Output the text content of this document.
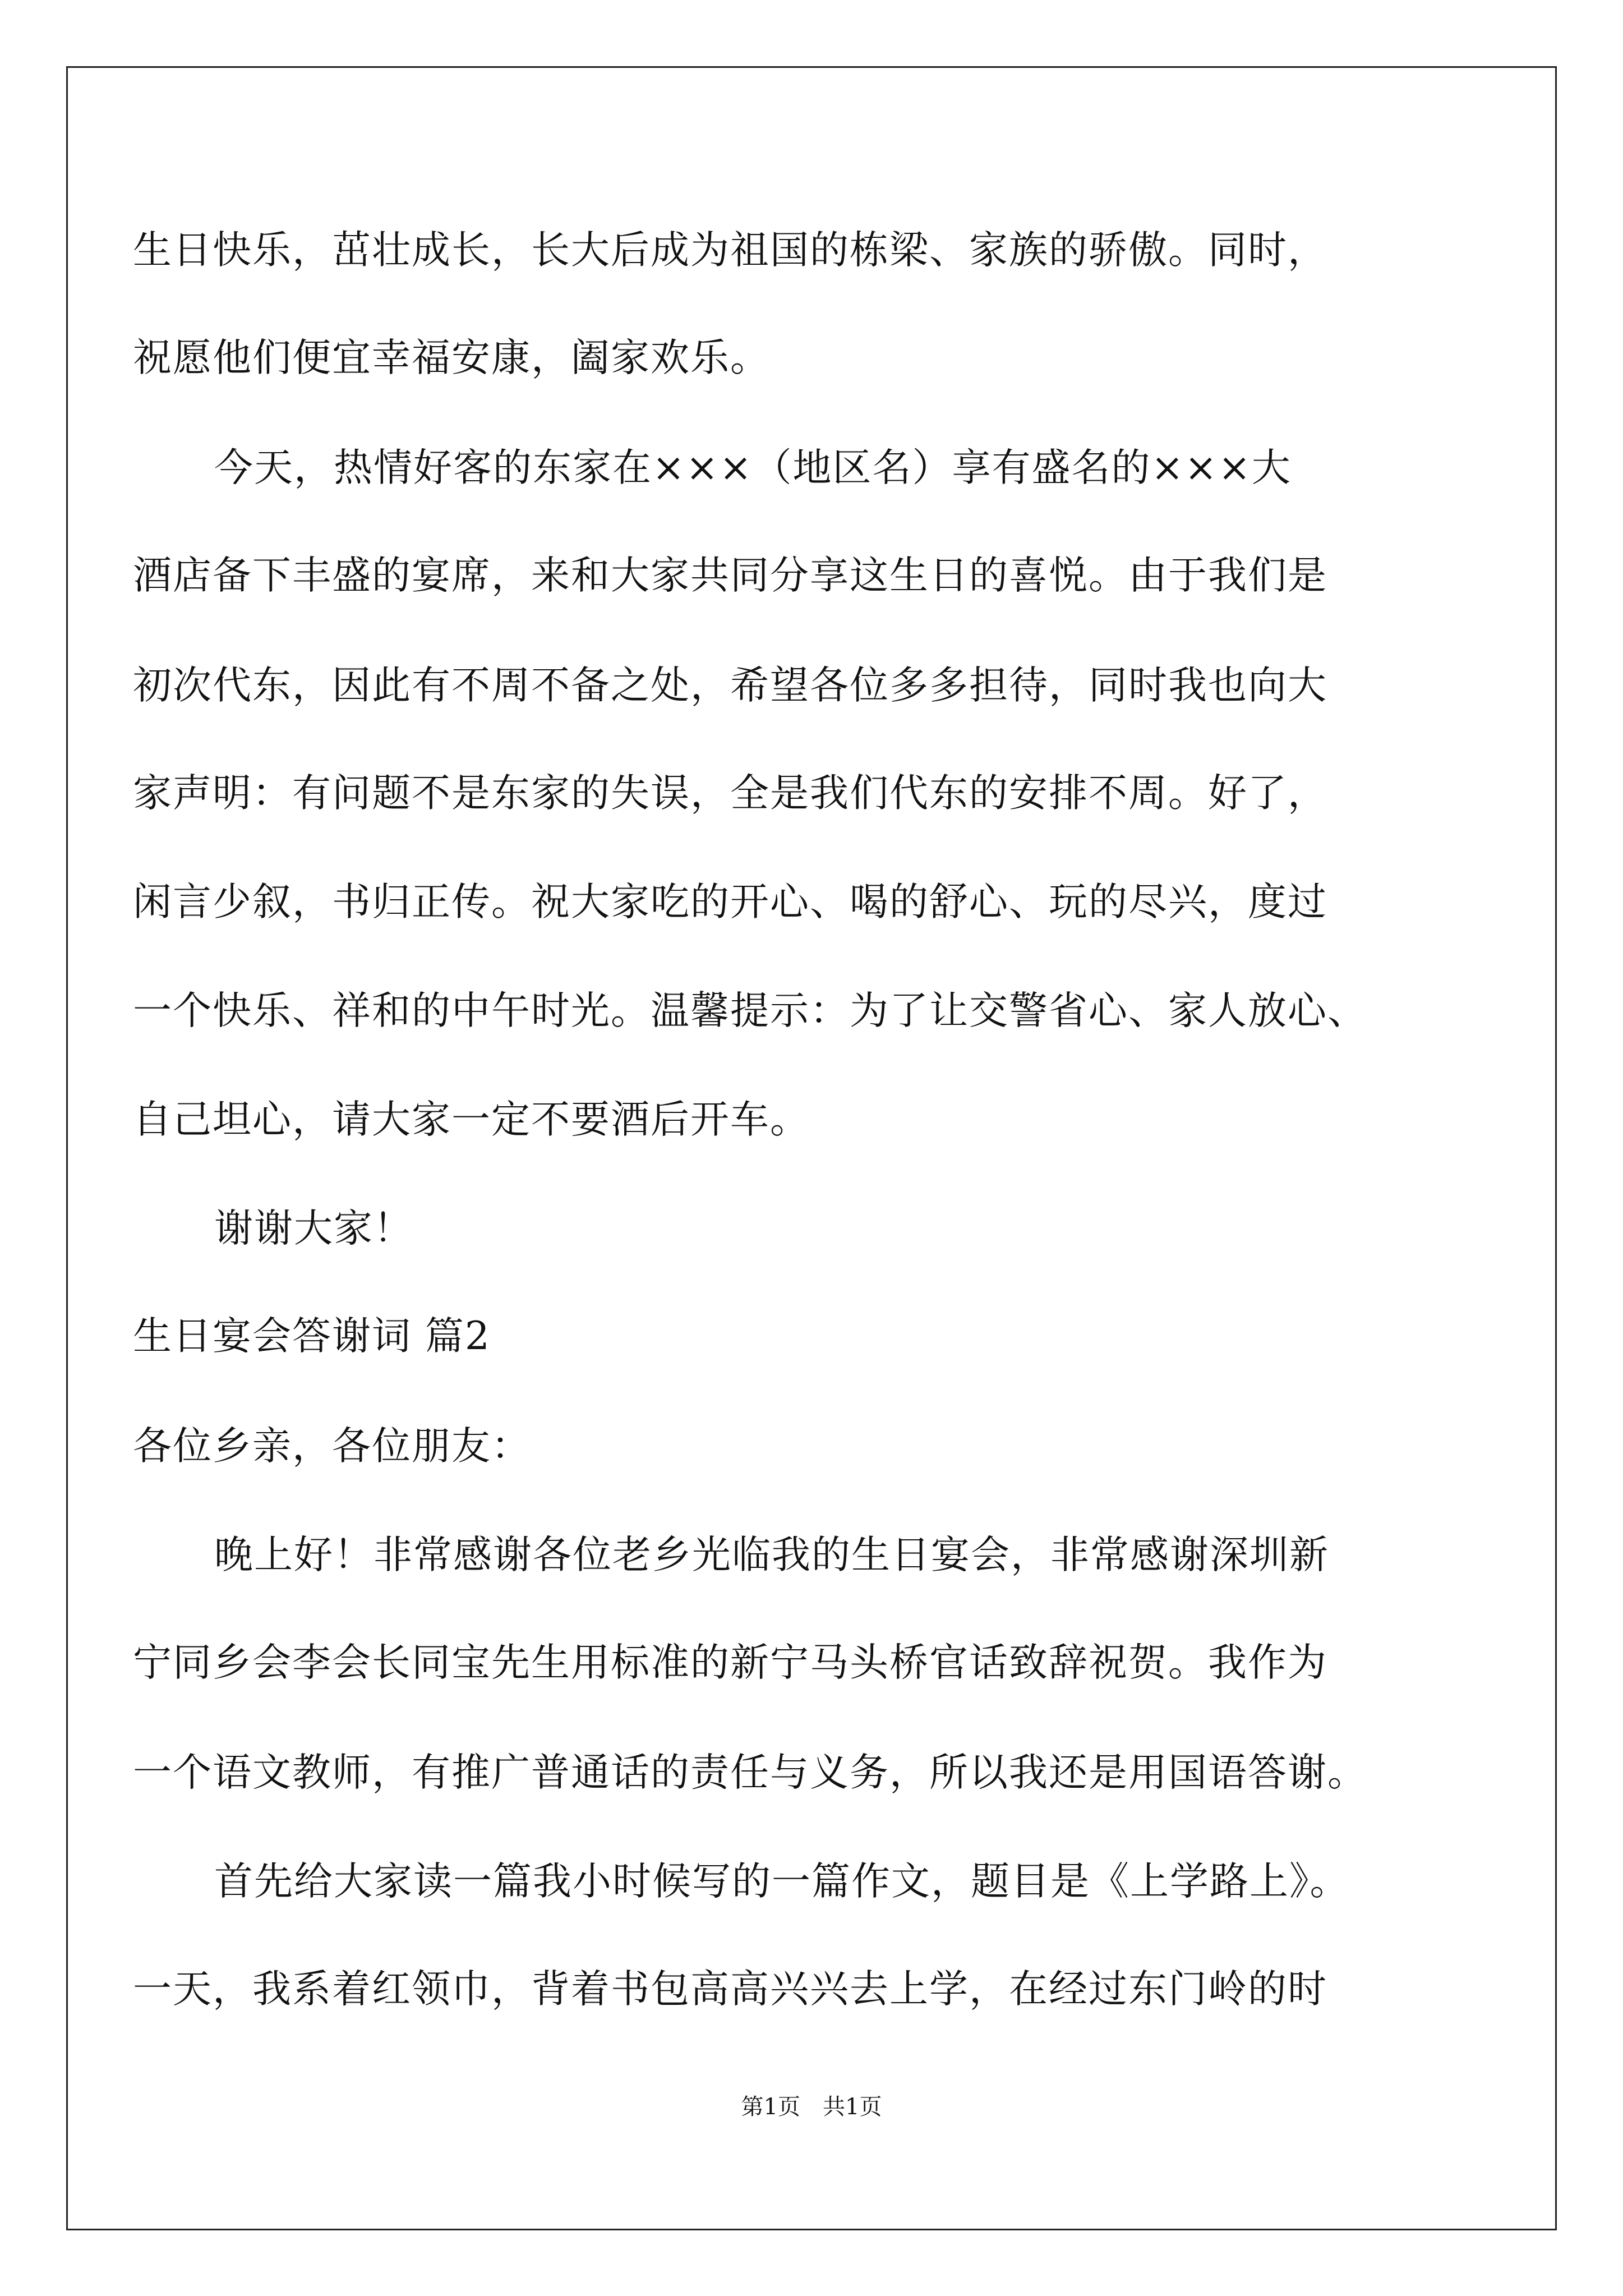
生日快乐，茁壮成长，长大后成为祖国的栋梁、家族的骄傲。同时，
祝愿他们便宜幸福安康，阖家欢乐。
今天，热情好客的东家在×××（地区名）享有盛名的×××大
酒店备下丰盛的宴席，来和大家共同分享这生日的喜悦。由于我们是
初次代东，因此有不周不备之处，希望各位多多担待，同时我也向大
家声明：有问题不是东家的失误，全是我们代东的安排不周。好了，
闲言少叙，书归正传。祝大家吃的开心、喝的舒心、玩的尽兴，度过
一个快乐、祥和的中午时光。温馨提示：为了让交警省心、家人放心、
自己坦心，请大家一定不要酒后开车。
谢谢大家！
生日宴会答谢词 篇2
各位乡亲，各位朋友：
晚上好！非常感谢各位老乡光临我的生日宴会，非常感谢深圳新
宁同乡会李会长同宝先生用标准的新宁马头桥官话致辞祝贺。我作为
一个语文教师，有推广普通话的责任与义务，所以我还是用国语答谢。
首先给大家读一篇我小时候写的一篇作文，题目是《上学路上》。
一天，我系着红领巾，背着书包高高兴兴去上学，在经过东门岭的时
第1页 共1页
